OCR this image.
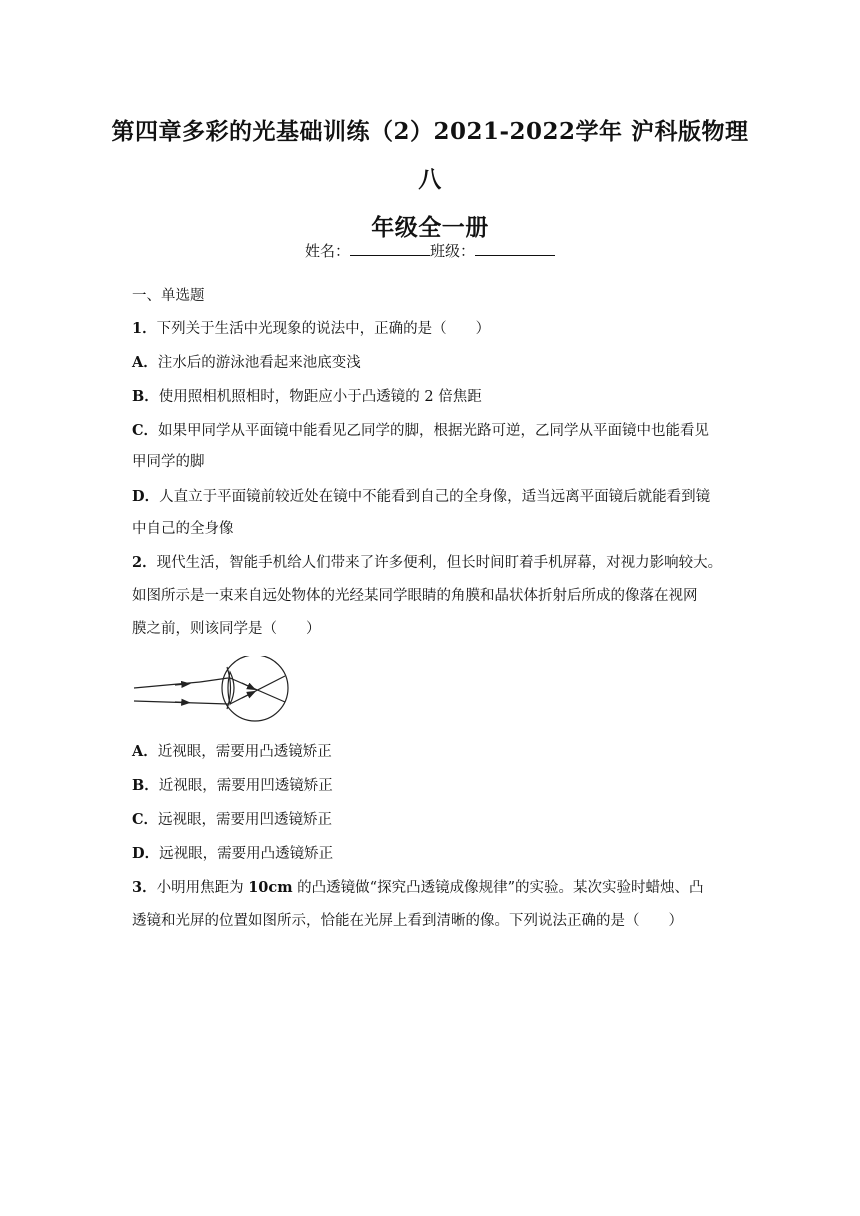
第四章多彩的光基础训练（2）2021-2022学年 沪科版物理八
年级全一册
姓名：	班级：
一、单选题
1．下列关于生活中光现象的说法中，正确的是（　　）
A．注水后的游泳池看起来池底变浅
B．使用照相机照相时，物距应小于凸透镜的 2 倍焦距
C．如果甲同学从平面镜中能看见乙同学的脚，根据光路可逆，乙同学从平面镜中也能看见
甲同学的脚
D．人直立于平面镜前较近处在镜中不能看到自己的全身像，适当远离平面镜后就能看到镜
中自己的全身像
2．现代生活，智能手机给人们带来了许多便利，但长时间盯着手机屏幕，对视力影响较大。
如图所示是一束来自远处物体的光经某同学眼睛的角膜和晶状体折射后所成的像落在视网
膜之前，则该同学是（　　）
A．近视眼，需要用凸透镜矫正
B．近视眼，需要用凹透镜矫正
C．远视眼，需要用凹透镜矫正
D．远视眼，需要用凸透镜矫正
3．小明用焦距为 10cm 的凸透镜做“探究凸透镜成像规律”的实验。某次实验时蜡烛、凸
透镜和光屏的位置如图所示，恰能在光屏上看到清晰的像。下列说法正确的是（　　）
